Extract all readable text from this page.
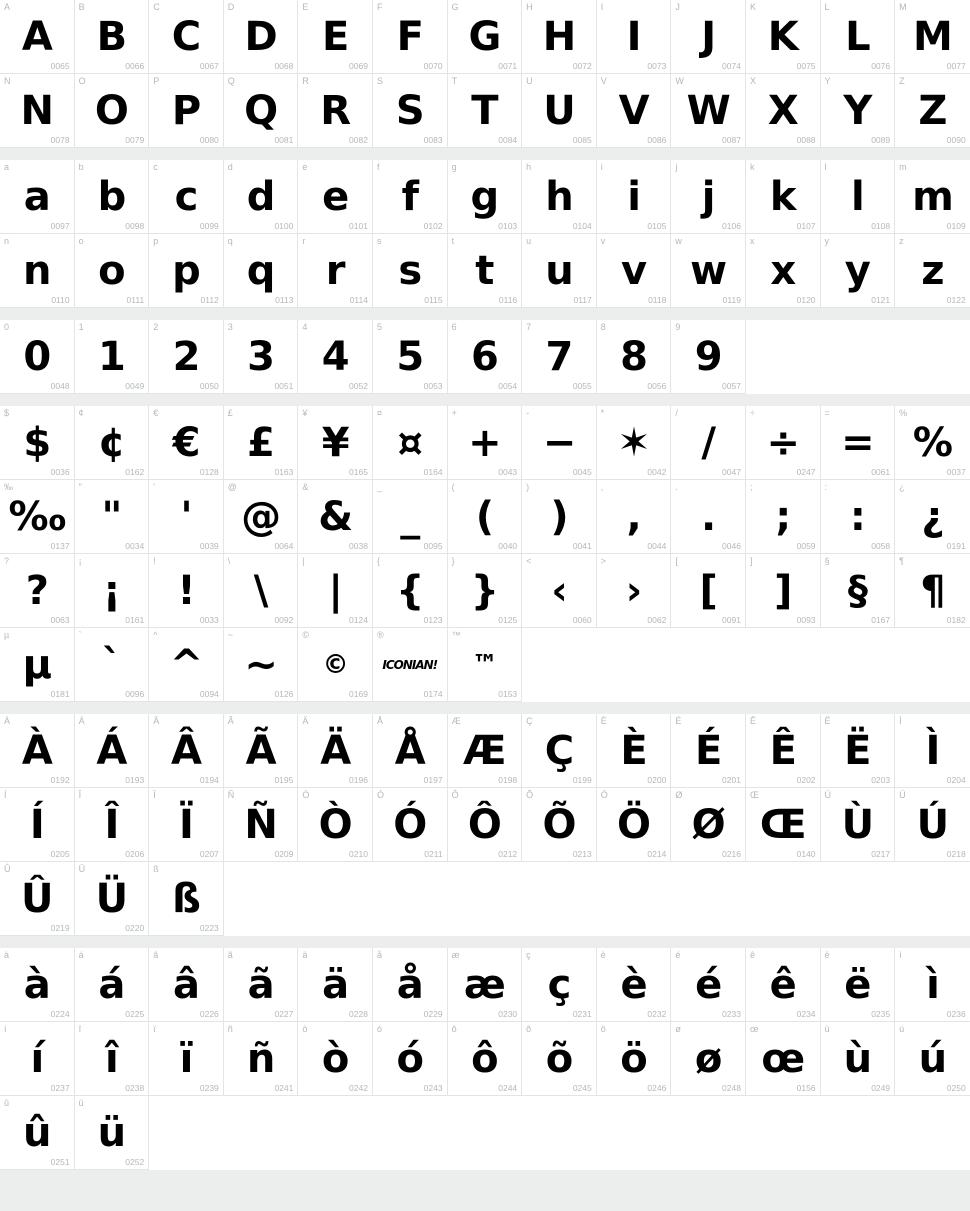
A
A
0065
B
B
0066
C
C
0067
D
D
0068
E
E
0069
F
F
0070
G
G
0071
H
H
0072
I
I
0073
J
J
0074
K
K
0075
L
L
0076
M
M
0077
N
N
0078
O
O
0079
P
P
0080
Q
Q
0081
R
R
0082
S
S
0083
T
T
0084
U
U
0085
V
V
0086
W
W
0087
X
X
0088
Y
Y
0089
Z
Z
0090
a
a
0097
b
b
0098
c
c
0099
d
d
0100
e
e
0101
f
f
0102
g
g
0103
h
h
0104
i
i
0105
j
j
0106
k
k
0107
l
l
0108
m
m
0109
n
n
0110
o
o
0111
p
p
0112
q
q
0113
r
r
0114
s
s
0115
t
t
0116
u
u
0117
v
v
0118
w
w
0119
x
x
0120
y
y
0121
z
z
0122
0
0
0048
1
1
0049
2
2
0050
3
3
0051
4
4
0052
5
5
0053
6
6
0054
7
7
0055
8
8
0056
9
9
0057
$
$
0036
¢
¢
0162
€
€
0128
£
£
0163
¥
¥
0165
¤
¤
0164
+
+
0043
-
−
0045
*
✶
0042
/
/
0047
÷
÷
0247
=
=
0061
%
%
0037
‰
‰
0137
"
"
0034
'
'
0039
@
@
0064
&
&
0038
_
_
0095
(
(
0040
)
)
0041
,
,
0044
.
.
0046
;
;
0059
:
:
0058
¿
¿
0191
?
?
0063
¡
¡
0161
!
!
0033
\
\
0092
|
|
0124
{
{
0123
}
}
0125
<
‹
0060
>
›
0062
[
[
0091
]
]
0093
§
§
0167
¶
¶
0182
µ
µ
0181
`
`
0096
^
^
0094
~
~
0126
©
©
0169
®
ICONIAN!
0174
™
™
0153
À
À
0192
Á
Á
0193
Â
Â
0194
Ã
Ã
0195
Ä
Ä
0196
Å
Å
0197
Æ
Æ
0198
Ç
Ç
0199
È
È
0200
É
É
0201
Ê
Ê
0202
Ë
Ë
0203
Ì
Ì
0204
Í
Í
0205
Î
Î
0206
Ï
Ï
0207
Ñ
Ñ
0209
Ò
Ò
0210
Ó
Ó
0211
Ô
Ô
0212
Õ
Õ
0213
Ö
Ö
0214
Ø
Ø
0216
Œ
Œ
0140
Ù
Ù
0217
Ú
Ú
0218
Û
Û
0219
Ü
Ü
0220
ß
ß
0223
à
à
0224
á
á
0225
â
â
0226
ã
ã
0227
ä
ä
0228
å
å
0229
æ
æ
0230
ç
ç
0231
è
è
0232
é
é
0233
ê
ê
0234
ë
ë
0235
ì
ì
0236
í
í
0237
î
î
0238
ï
ï
0239
ñ
ñ
0241
ò
ò
0242
ó
ó
0243
ô
ô
0244
õ
õ
0245
ö
ö
0246
ø
ø
0248
œ
œ
0156
ù
ù
0249
ú
ú
0250
û
û
0251
ü
ü
0252
